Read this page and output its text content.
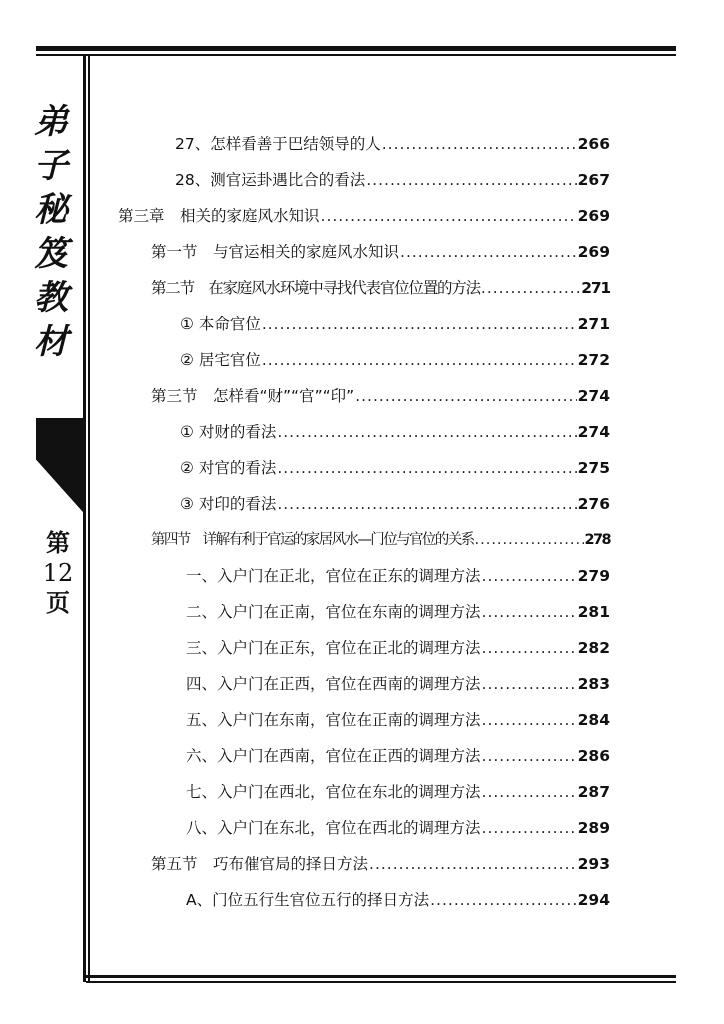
弟
子
秘
笈
教
材
第
12
页
27、怎样看善于巴结领导的人 .....	266
28、测官运卦遇比合的看法 .....	267
第三章　相关的家庭风水知识 .....	269
第一节　与官运相关的家庭风水知识 .....	269
第二节　在家庭风水环境中寻找代表官位位置的方法 .....	271
① 本命官位 .....	271
② 居宅官位 .....	272
第三节　怎样看“财”“官”“印” .....	274
① 对财的看法 .....	274
② 对官的看法 .....	275
③ 对印的看法 .....	276
第四节　详解有利于官运的家居风水—门位与官位的关系 .....	278
一、入户门在正北，官位在正东的调理方法 .....	279
二、入户门在正南，官位在东南的调理方法 .....	281
三、入户门在正东，官位在正北的调理方法 .....	282
四、入户门在正西，官位在西南的调理方法 .....	283
五、入户门在东南，官位在正南的调理方法 .....	284
六、入户门在西南，官位在正西的调理方法 .....	286
七、入户门在西北，官位在东北的调理方法 .....	287
八、入户门在东北，官位在西北的调理方法 .....	289
第五节　巧布催官局的择日方法 .....	293
A、门位五行生官位五行的择日方法 .....	294
